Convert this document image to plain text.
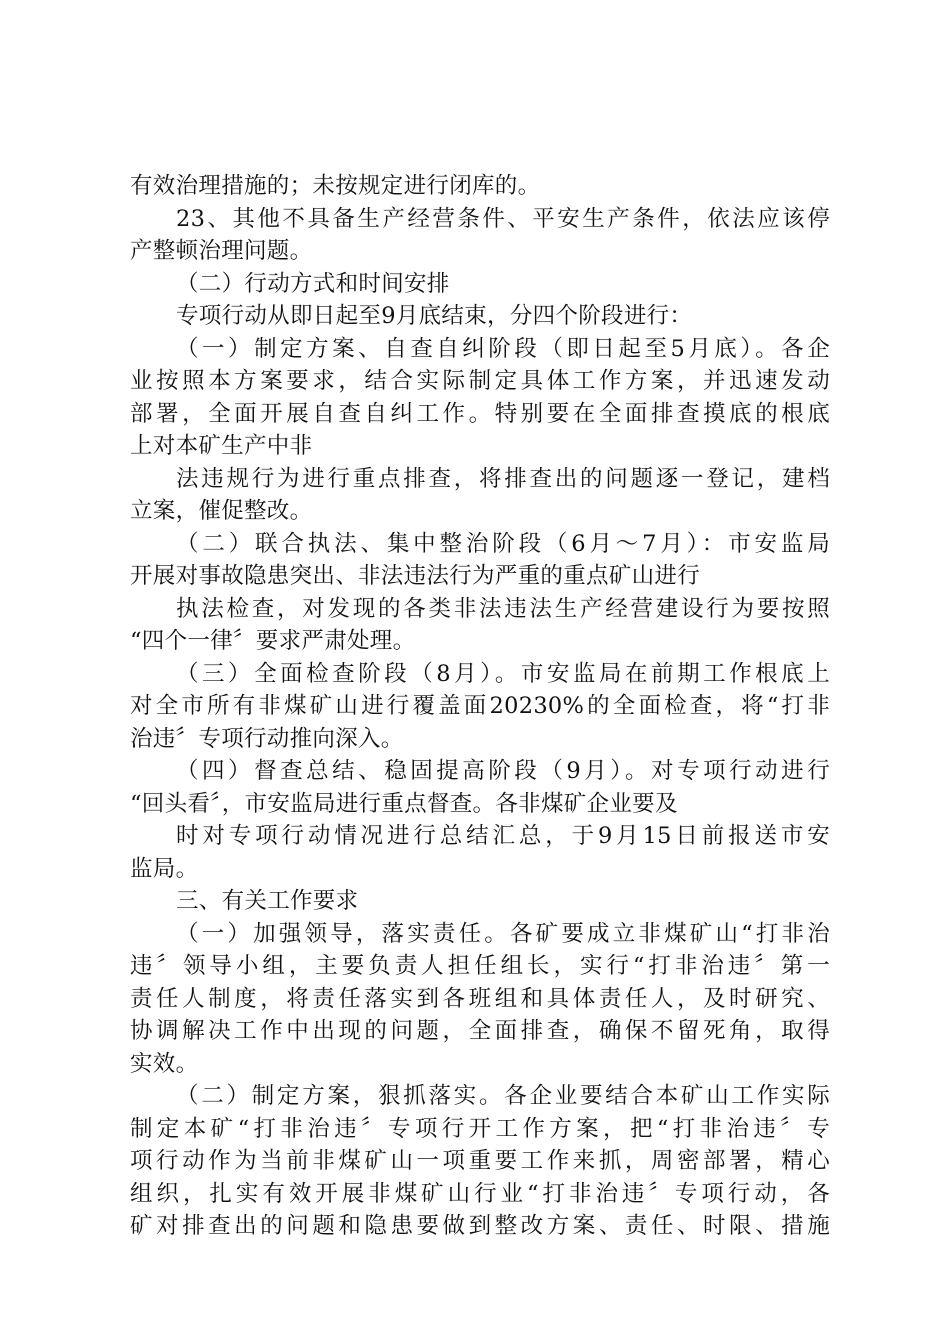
有效治理措施的；未按规定进行闭库的。
23、其他不具备生产经营条件、平安生产条件，依法应该停
产整顿治理问题。
（二）行动方式和时间安排
专项行动从即日起至9月底结束，分四个阶段进行：
（一）制定方案、自查自纠阶段（即日起至5月底）。各企
业按照本方案要求，结合实际制定具体工作方案，并迅速发动
部署，全面开展自查自纠工作。特别要在全面排查摸底的根底
上对本矿生产中非
法违规行为进行重点排查，将排查出的问题逐一登记，建档
立案，催促整改。
（二）联合执法、集中整治阶段（6月～7月）：市安监局
开展对事故隐患突出、非法违法行为严重的重点矿山进行
执法检查，对发现的各类非法违法生产经营建设行为要按照
“四个一律〞要求严肃处理。
（三）全面检查阶段（8月）。市安监局在前期工作根底上
对全市所有非煤矿山进行覆盖面20230%的全面检查，将“打非
治违〞专项行动推向深入。
（四）督查总结、稳固提高阶段（9月）。对专项行动进行
“回头看〞，市安监局进行重点督查。各非煤矿企业要及
时对专项行动情况进行总结汇总，于9月15日前报送市安
监局。
三、有关工作要求
（一）加强领导，落实责任。各矿要成立非煤矿山“打非治
违〞领导小组，主要负责人担任组长，实行“打非治违〞第一
责任人制度，将责任落实到各班组和具体责任人，及时研究、
协调解决工作中出现的问题，全面排查，确保不留死角，取得
实效。
（二）制定方案，狠抓落实。各企业要结合本矿山工作实际
制定本矿“打非治违〞专项行开工作方案，把“打非治违〞专
项行动作为当前非煤矿山一项重要工作来抓，周密部署，精心
组织，扎实有效开展非煤矿山行业“打非治违〞专项行动，各
矿对排查出的问题和隐患要做到整改方案、责任、时限、措施
